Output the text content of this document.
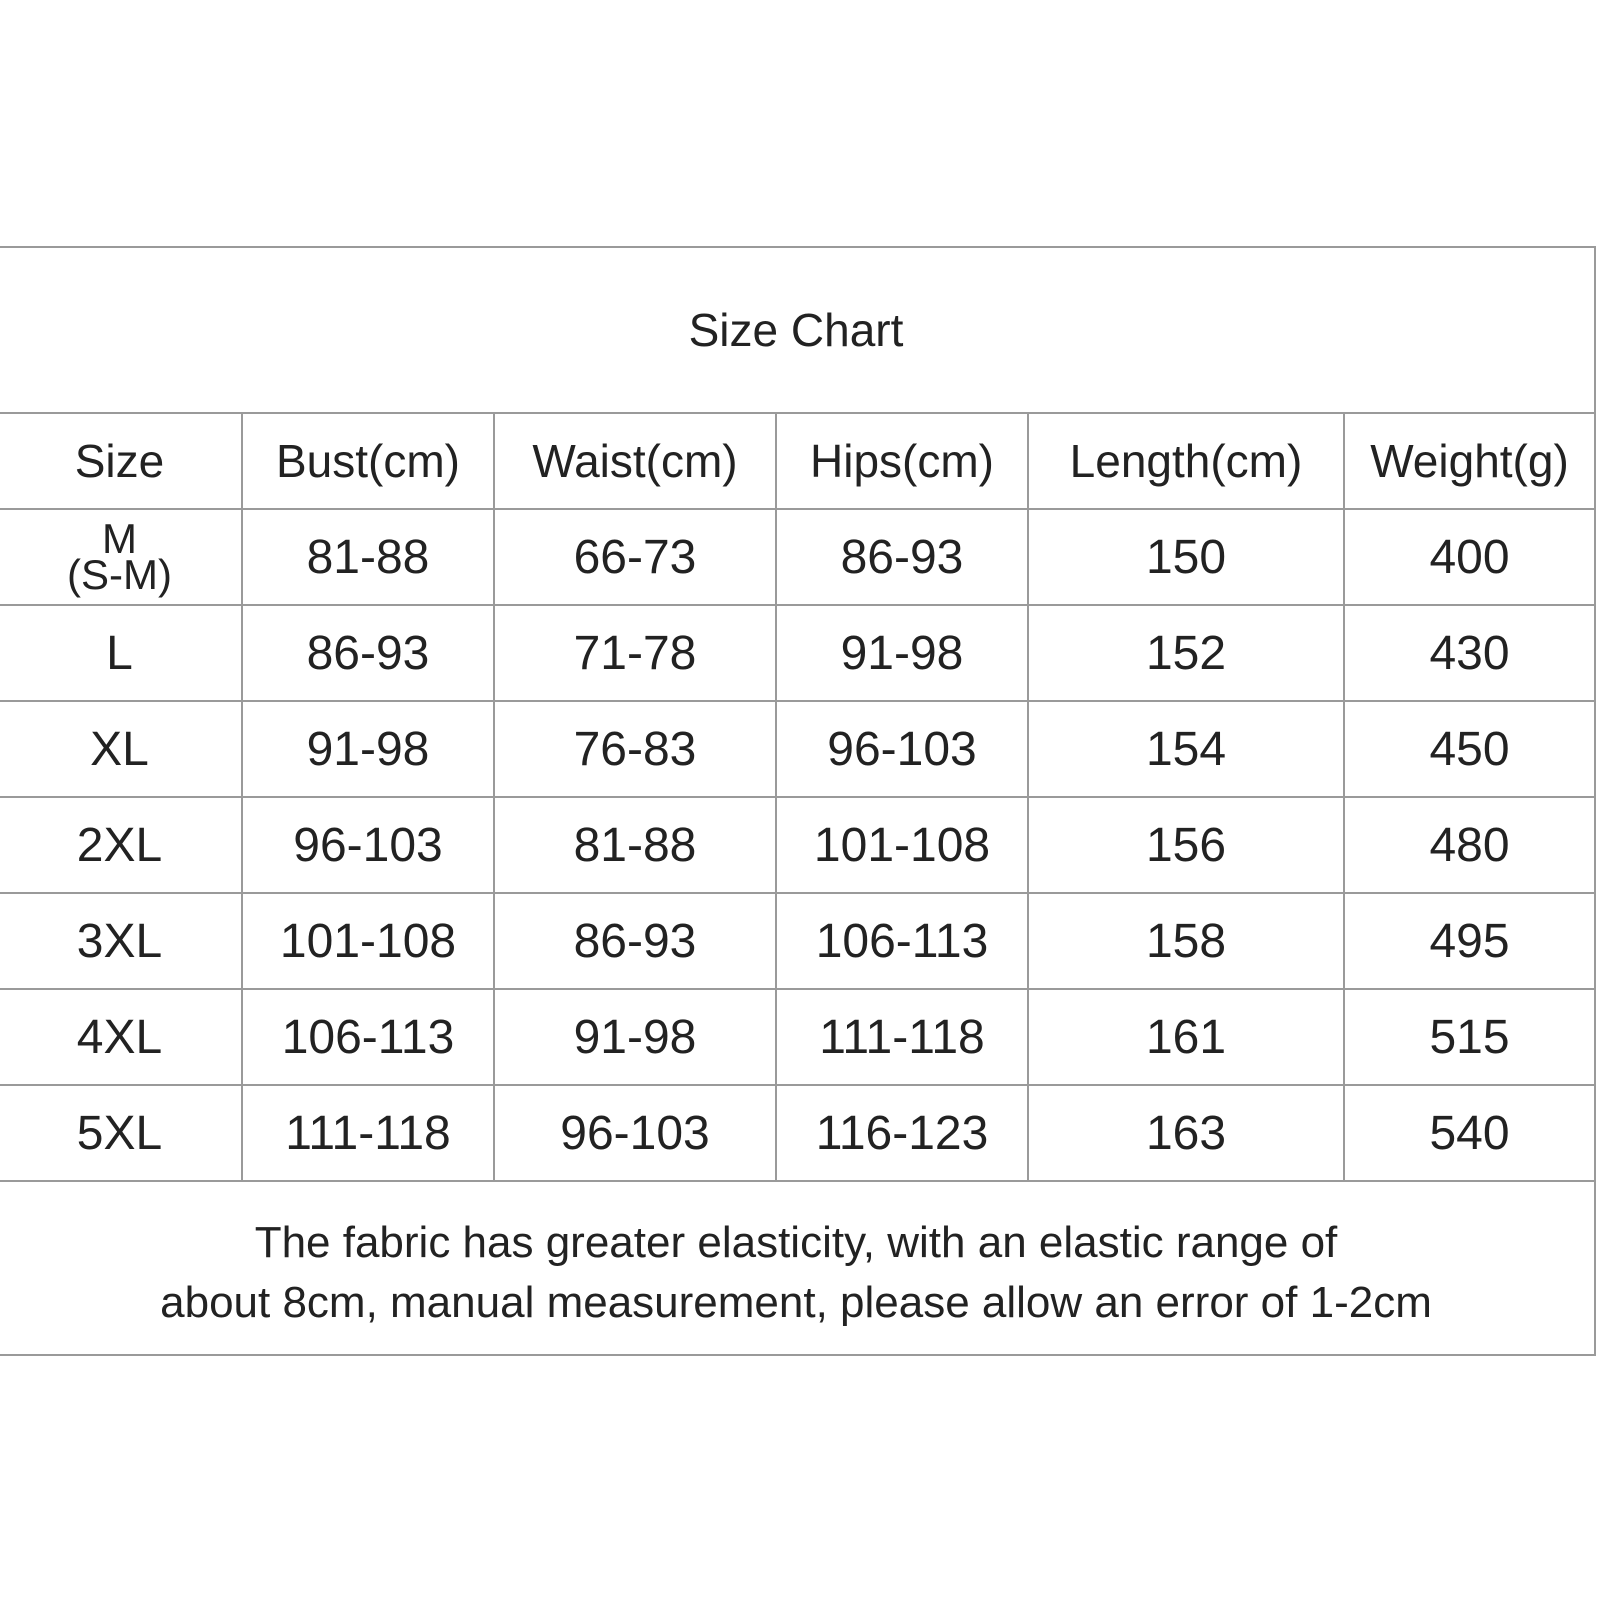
Size Chart
Size	Bust(cm)	Waist(cm)	Hips(cm)	Length(cm)	Weight(g)

M
(S-M)	81-88	66-73	86-93	150	400
L	86-93	71-78	91-98	152	430
XL	91-98	76-83	96-103	154	450
2XL	96-103	81-88	101-108	156	480
3XL	101-108	86-93	106-113	158	495
4XL	106-113	91-98	111-118	161	515
5XL	111-118	96-103	116-123	163	540
The fabric has greater elasticity, with an elastic range of
about 8cm, manual measurement, please allow an error of 1-2cm
